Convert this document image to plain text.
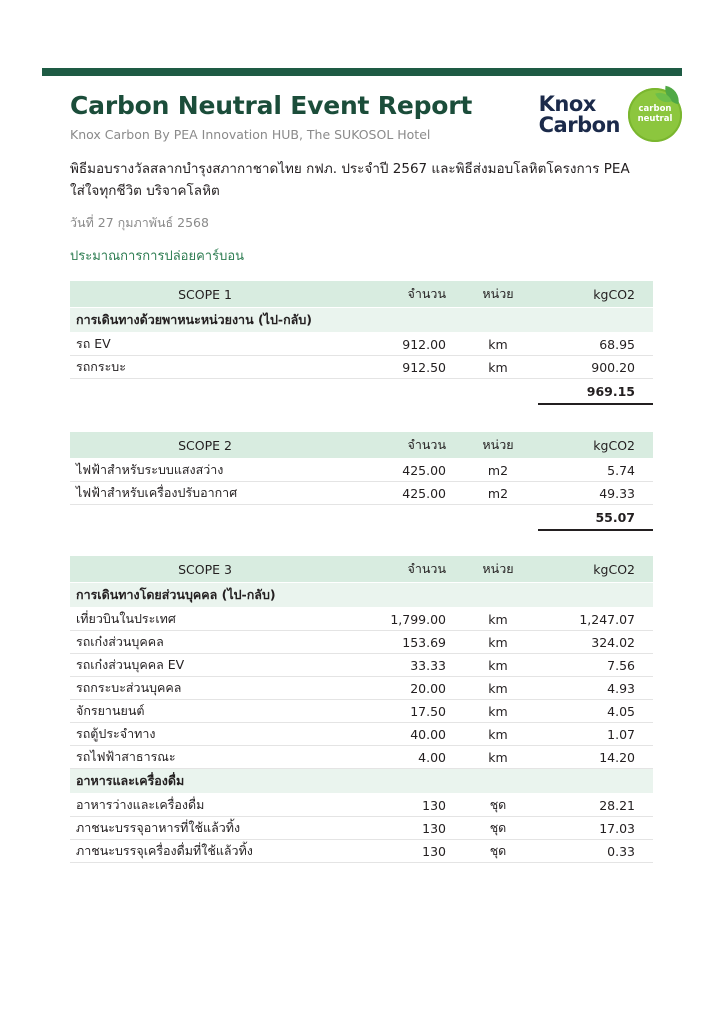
Carbon Neutral Event Report

Knox Carbon By PEA Innovation HUB, The SUKOSOL Hotel

Knox
Carbon
carbon
neutral
พิธีมอบรางวัลสลากบำรุงสภากาชาดไทย กฟภ. ประจำปี 2567 และพิธีส่งมอบโลหิตโครงการ PEA ใส่ใจทุกชีวิต บริจาคโลหิต
วันที่ 27 กุมภาพันธ์ 2568
ประมาณการการปล่อยคาร์บอน
SCOPE 1	จำนวน	หน่วย	kgCO2
การเดินทางด้วยพาหนะหน่วยงาน (ไป-กลับ)			
รถ EV	912.00	km	68.95
รถกระบะ	912.50	km	900.20
			969.15
SCOPE 2	จำนวน	หน่วย	kgCO2
ไฟฟ้าสำหรับระบบแสงสว่าง	425.00	m2	5.74
ไฟฟ้าสำหรับเครื่องปรับอากาศ	425.00	m2	49.33
			55.07
SCOPE 3	จำนวน	หน่วย	kgCO2
การเดินทางโดยส่วนบุคคล (ไป-กลับ)			
เที่ยวบินในประเทศ	1,799.00	km	1,247.07
รถเก๋งส่วนบุคคล	153.69	km	324.02
รถเก๋งส่วนบุคคล EV	33.33	km	7.56
รถกระบะส่วนบุคคล	20.00	km	4.93
จักรยานยนต์	17.50	km	4.05
รถตู้ประจำทาง	40.00	km	1.07
รถไฟฟ้าสาธารณะ	4.00	km	14.20
อาหารและเครื่องดื่ม			
อาหารว่างและเครื่องดื่ม	130	ชุด	28.21
ภาชนะบรรจุอาหารที่ใช้แล้วทิ้ง	130	ชุด	17.03
ภาชนะบรรจุเครื่องดื่มที่ใช้แล้วทิ้ง	130	ชุด	0.33
